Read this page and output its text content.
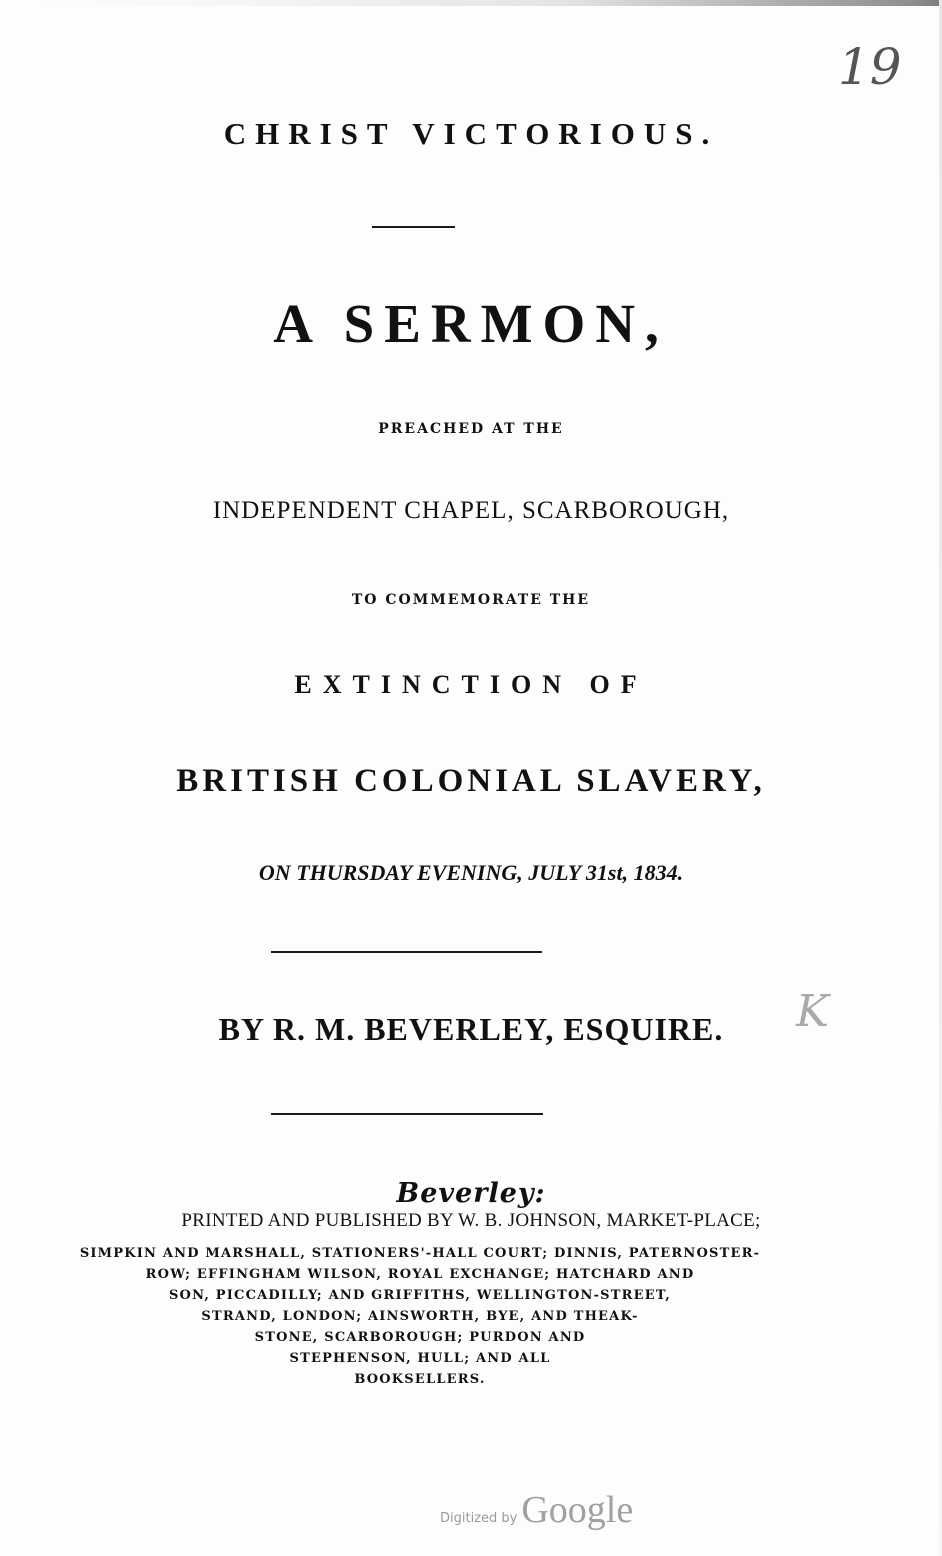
19
CHRIST VICTORIOUS.
A SERMON,
PREACHED AT THE
INDEPENDENT CHAPEL, SCARBOROUGH,
TO COMMEMORATE THE
EXTINCTION OF
BRITISH COLONIAL SLAVERY,
ON THURSDAY EVENING, JULY 31st, 1834.
BY R. M. BEVERLEY, ESQUIRE.	K
Beverley:
PRINTED AND PUBLISHED BY W. B. JOHNSON, MARKET-PLACE;
SIMPKIN AND MARSHALL, STATIONERS'-HALL COURT; DINNIS, PATERNOSTER-
ROW; EFFINGHAM WILSON, ROYAL EXCHANGE; HATCHARD AND
SON, PICCADILLY; AND GRIFFITHS, WELLINGTON-STREET,
STRAND, LONDON; AINSWORTH, BYE, AND THEAK-
STONE, SCARBOROUGH; PURDON AND
STEPHENSON, HULL; AND ALL
BOOKSELLERS.
Digitized by Google
